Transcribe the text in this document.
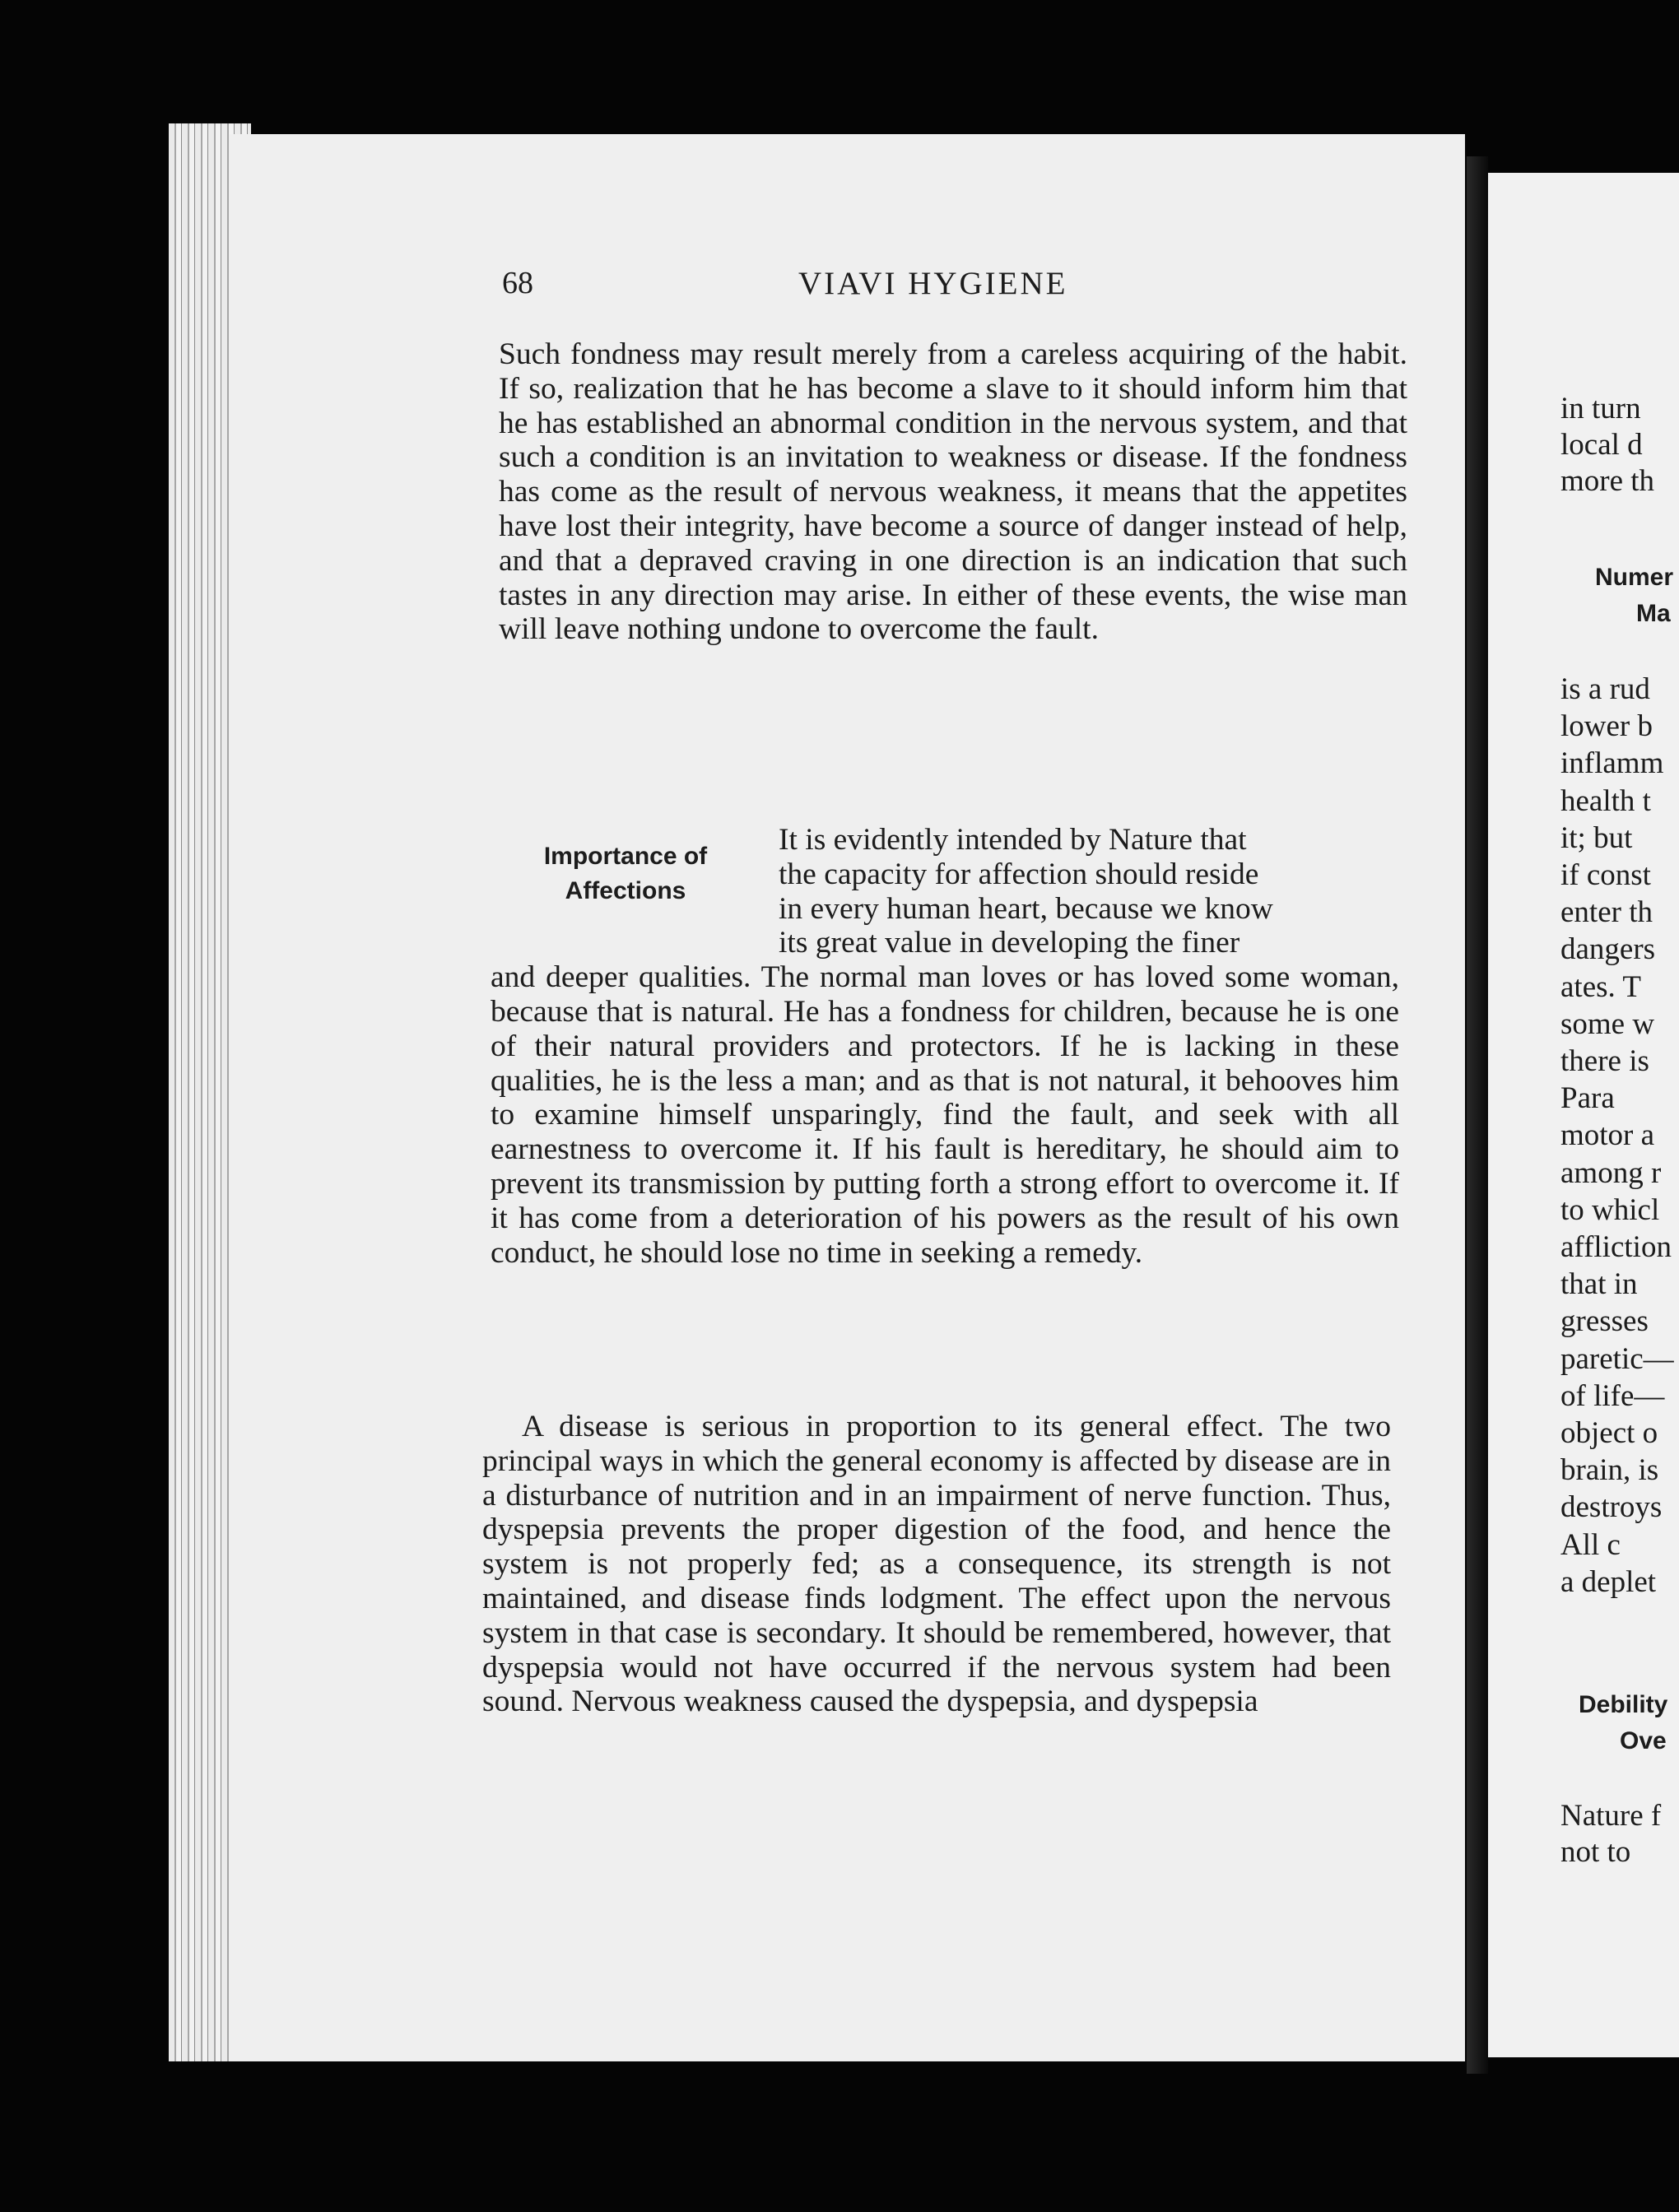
68	VIAVI HYGIENE
Such fondness may result merely from a careless acquiring of the habit. If so, realization that he has become a slave to it should inform him that he has established an abnormal condition in the nervous system, and that such a condition is an invitation to weakness or disease. If the fondness has come as the result of nervous weakness, it means that the appetites have lost their integrity, have become a source of danger instead of help, and that a depraved craving in one direction is an indication that such tastes in any direction may arise. In either of these events, the wise man will leave nothing undone to overcome the fault.
Importance of
Affections
It is evidently intended by Nature that
the capacity for affection should reside
in every human heart, because we know
its great value in developing the finer
and deeper qualities. The normal man loves or has loved some woman, because that is natural. He has a fondness for children, because he is one of their natural providers and protectors. If he is lacking in these qualities, he is the less a man; and as that is not natural, it behooves him to examine himself unsparingly, find the fault, and seek with all earnestness to overcome it. If his fault is hereditary, he should aim to prevent its transmission by putting forth a strong effort to overcome it. If it has come from a deterioration of his powers as the result of his own conduct, he should lose no time in seeking a remedy.
A disease is serious in proportion to its general effect. The two principal ways in which the general economy is affected by disease are in a disturbance of nutrition and in an impairment of nerve function. Thus, dyspepsia prevents the proper digestion of the food, and hence the system is not properly fed; as a consequence, its strength is not maintained, and disease finds lodgment. The effect upon the nervous system in that case is secondary. It should be remembered, however, that dyspepsia would not have occurred if the nervous system had been sound. Nervous weakness caused the dyspepsia, and dyspepsia
in turn
local d
more th
Numer
Ma
is a rud
lower b
inflamm
health t
it; but
if const
enter th
dangers
ates. T
some w
there is
Para
motor a
among r
to whicl
affliction
that in
gresses
paretic—
of life—
object o
brain, is
destroys
All c
a deplet
Debility
Ove
Nature f
not to
